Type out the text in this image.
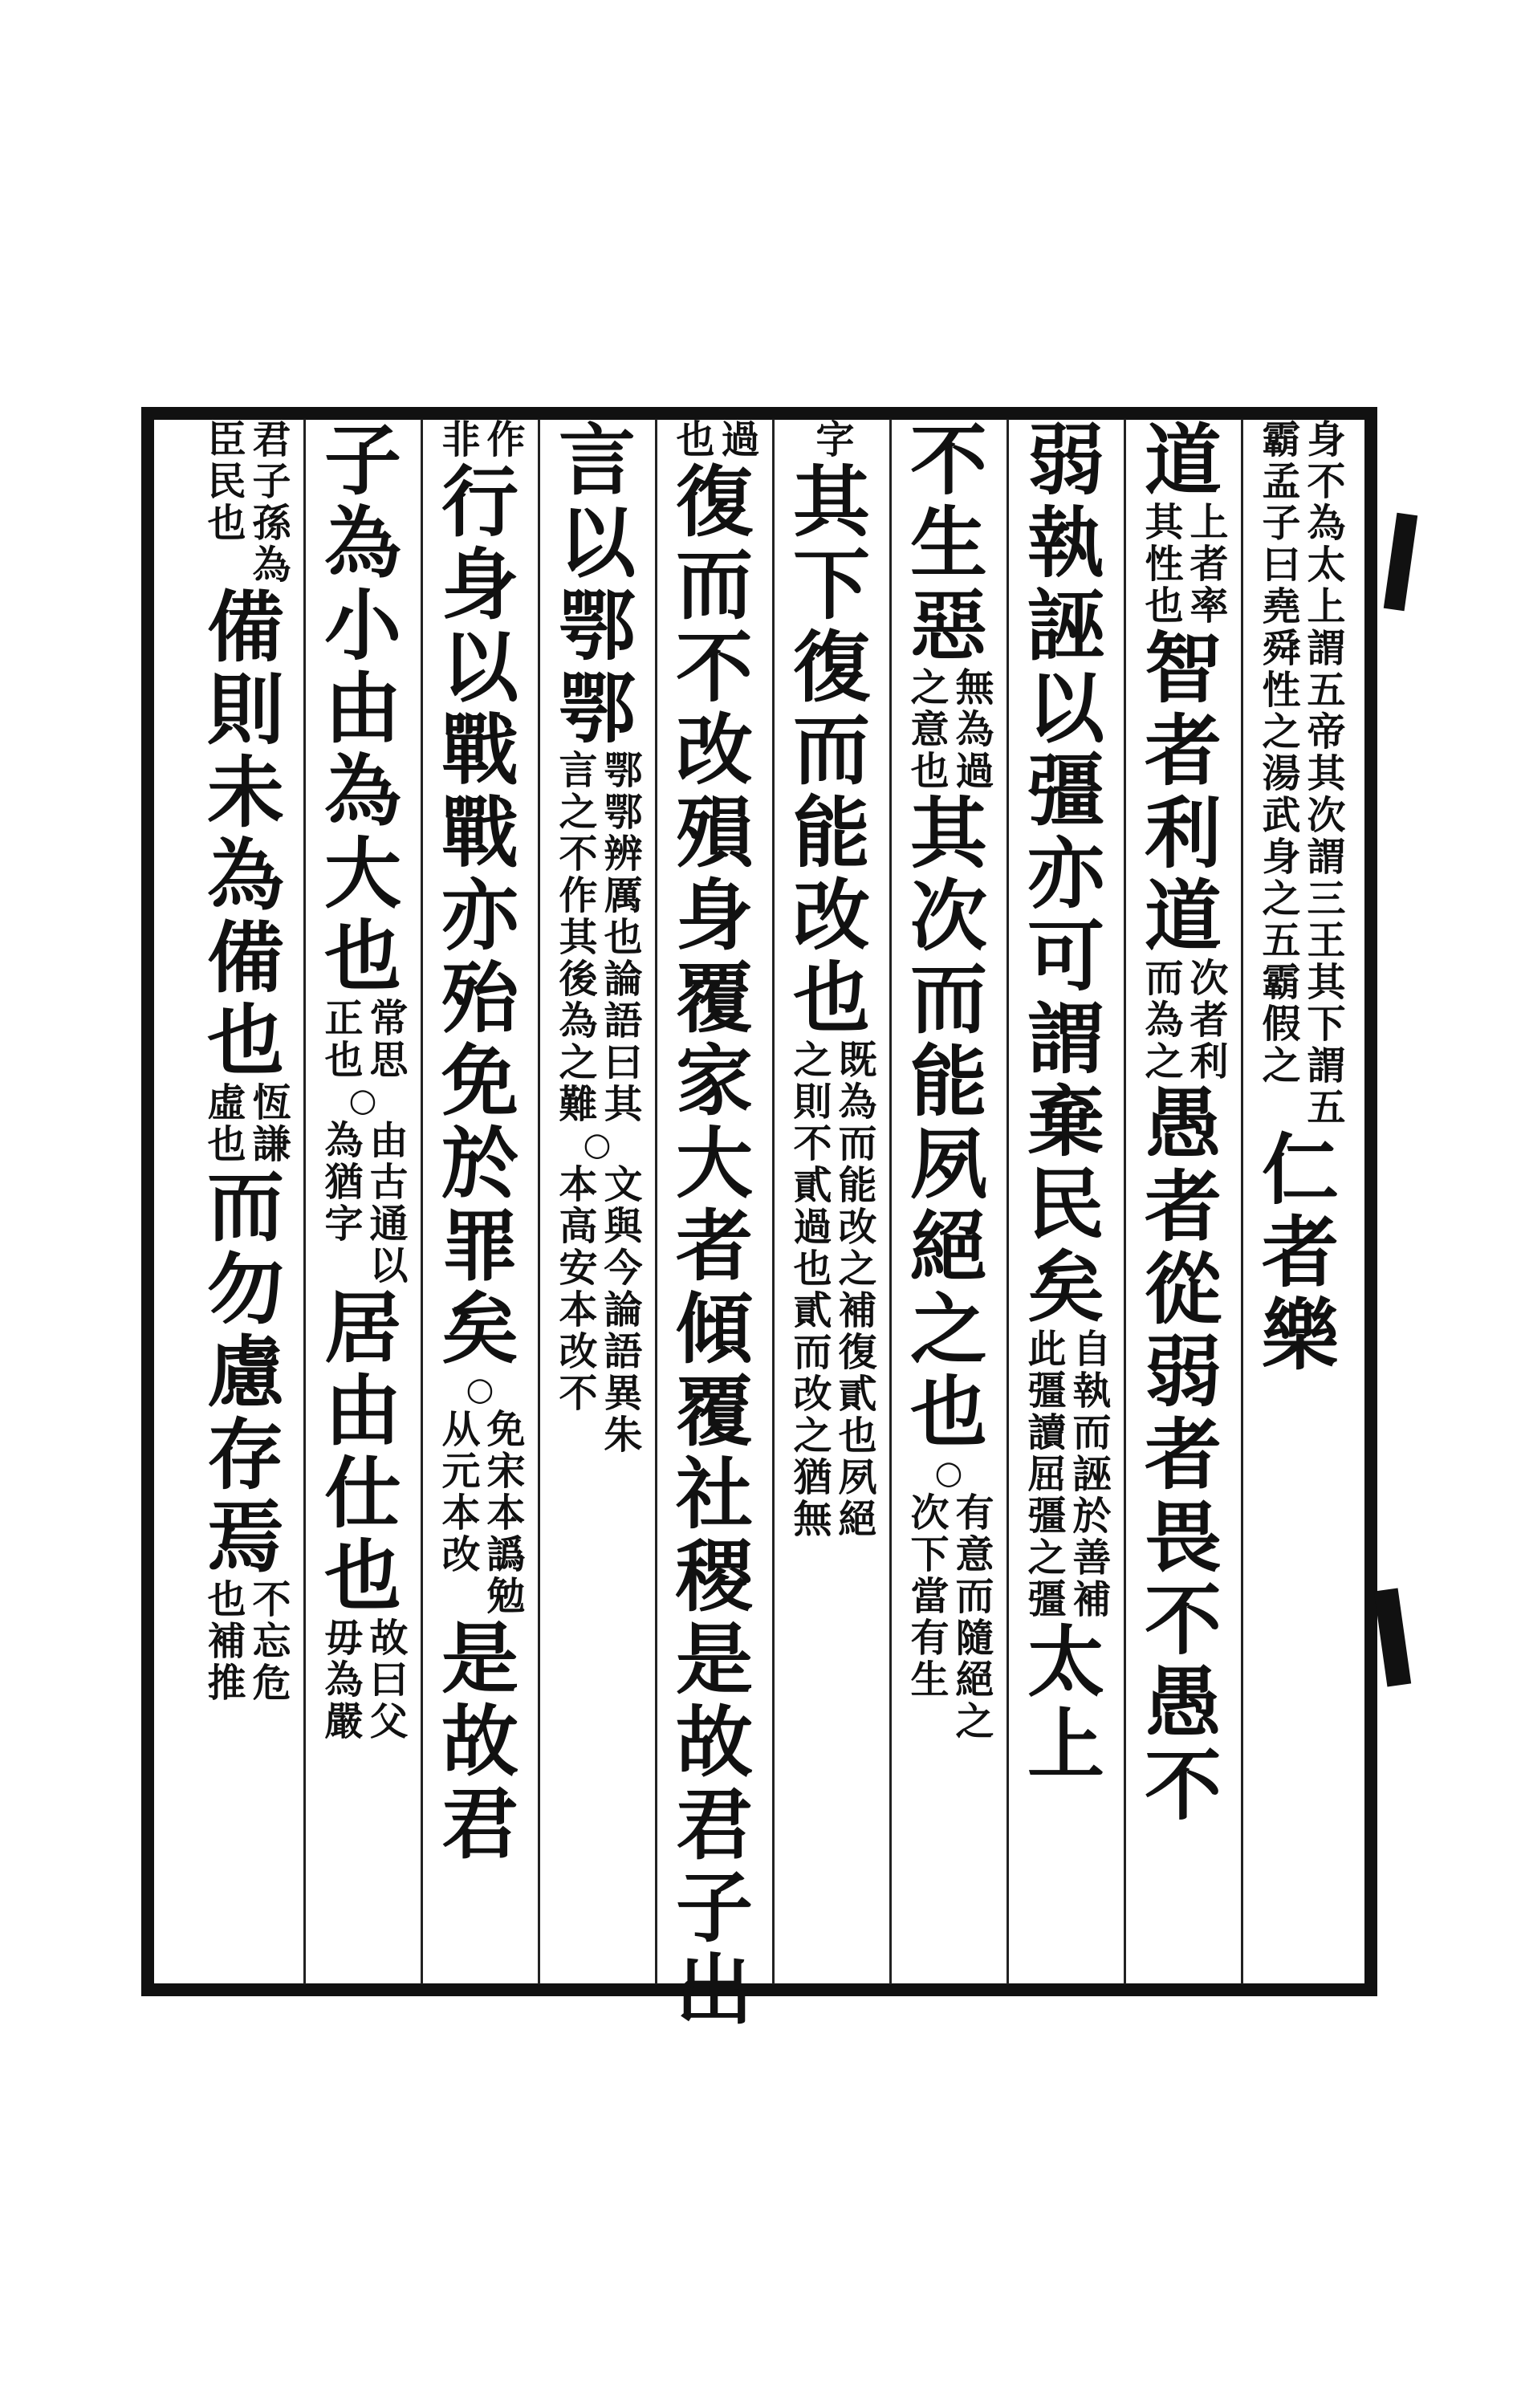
身不為太上謂五帝其次謂三王其下謂五
霸孟子曰堯舜性之湯武身之五霸假之
仁
者
樂
道
上者率
其性也
智
者
利
道
次者利
而為之
愚
者
從
弱
者
畏
不
愚
不
弱
執
誣
以
彊
亦
可
謂
棄
民
矣
自執而誣於善補
此彊讀屈彊之彊
太
上
不
生
惡
無為過
之意也
其
次
而
能
夙
絕
之
也
○
有意而隨絕之
次下當有生
字
其
下
復
而
能
改
也
既為而能改之補復貳也夙絕
之則不貳過也貳而改之猶無
過
也
復
而
不
改
殞
身
覆
家
大
者
傾
覆
社
稷
是
故
君
子
出
言
以
鄂
鄂
鄂鄂辨厲也論語曰其
言之不作其後為之難
○
文與今論語異朱
本高安本改不
作
非
行
身
以
戰
戰
亦
殆
免
於
罪
矣
○
免宋本譌勉
从元本改
是
故
君
子
為
小
由
為
大
也
常思
正也
○
由古通以
為猶字
居
由
仕
也
故曰父
毋為嚴
君子孫為
臣民也
備
則
未
為
備
也
恆謙
虛也
而
勿
慮
存
焉
不忘危
也補推
